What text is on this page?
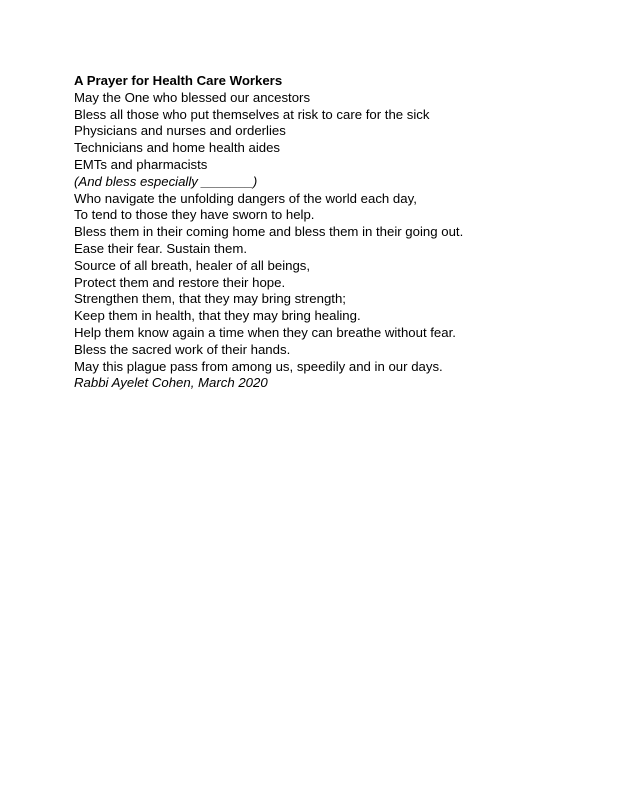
A Prayer for Health Care Workers
May the One who blessed our ancestors
Bless all those who put themselves at risk to care for the sick
Physicians and nurses and orderlies
Technicians and home health aides
EMTs and pharmacists
(And bless especially _______)
Who navigate the unfolding dangers of the world each day,
To tend to those they have sworn to help.
Bless them in their coming home and bless them in their going out.
Ease their fear. Sustain them.
Source of all breath, healer of all beings,
Protect them and restore their hope.
Strengthen them, that they may bring strength;
Keep them in health, that they may bring healing.
Help them know again a time when they can breathe without fear.
Bless the sacred work of their hands.
May this plague pass from among us, speedily and in our days.
Rabbi Ayelet Cohen, March 2020
